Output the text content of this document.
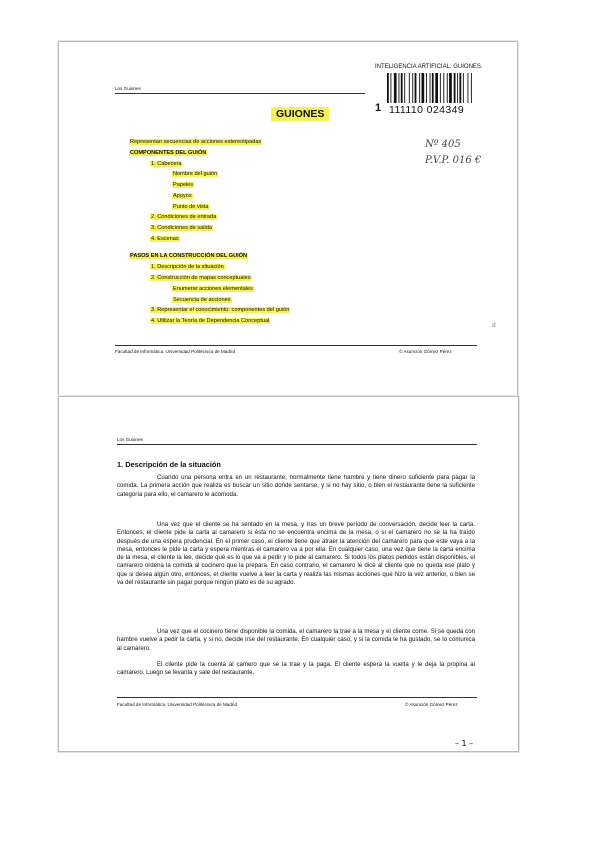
INTELIGENCIA ARTIFICIAL. GUIONES.
1 111110 024349
Los Guiones
GUIONES
Representan secuencias de acciones estereotipadas
COMPONENTES DEL GUIÓN
1. Cabecera
Nombre del guión
Papeles
Apoyos
Punto de vista
2. Condiciones de entrada
3. Condiciones de salida
4. Escenas
PASOS EN LA CONSTRUCCIÓN DEL GUIÓN
1. Descripción de la situación
2. Construcción de mapas conceptuales
Enumerar acciones elementales
Secuencia de acciones
3. Representar el conocimiento: componentes del guión
4. Utilizar la Teoría de Dependencia Conceptual
Nº 405
P.V.P. 016 €
ⅾ
Facultad de Informática. Universidad Politécnica de Madrid	© Asunción Gómez Pérez
Los Guiones
1. Descripción de la situación
Cuando una persona entra en un restaurante, normalmente tiene hambre y tiene dinero suficiente para pagar la comida. La primera acción que realiza es buscar un sitio donde sentarse, y si no hay sitio, o bien el restaurante tiene la suficiente categoría para ello, el camarero le acomoda.
Una vez que el cliente se ha sentado en la mesa, y tras un breve período de conversación, decide leer la carta. Entonces, el cliente pide la carta al camarero si ésta no se encuentra encima de la mesa, o si el camarero no se la ha traído después de una espera prudencial. En el primer caso, el cliente tiene que atraer la atención del camarero para que este vaya a la mesa, entonces le pide la carta y espera mientras el camarero va a por ella. En cualquier caso, una vez que tiene la carta encima de la mesa, el cliente la lee, decide qué es lo que va a pedir y lo pide al camarero. Si todos los platos pedidos están disponibles, el camarero ordena la comida al cocinero que la prepara. En caso contrario, el camarero le dice al cliente que no queda ese plato y que si desea algún otro, entonces, el cliente vuelve a leer la carta y realiza las mismas acciones que hizo la vez anterior, o bien se va del restaurante sin pagar porque ningún plato es de su agrado.
Una vez que el cocinero tiene disponible la comida, el camarero la trae a la mesa y el cliente come. Si se queda con hambre vuelve a pedir la carta, y si no, decide irse del restaurante. En cualquier caso, y si la comida le ha gustado, se lo comunica al camarero.
El cliente pide la cuenta al camero que se la trae y la paga. El cliente espera la vuelta y le deja la propina al camarero. Luego se levanta y sale del restaurante.
Facultad de Informática. Universidad Politécnica de Madrid	© Asunción Gómez Pérez
– 1 –
